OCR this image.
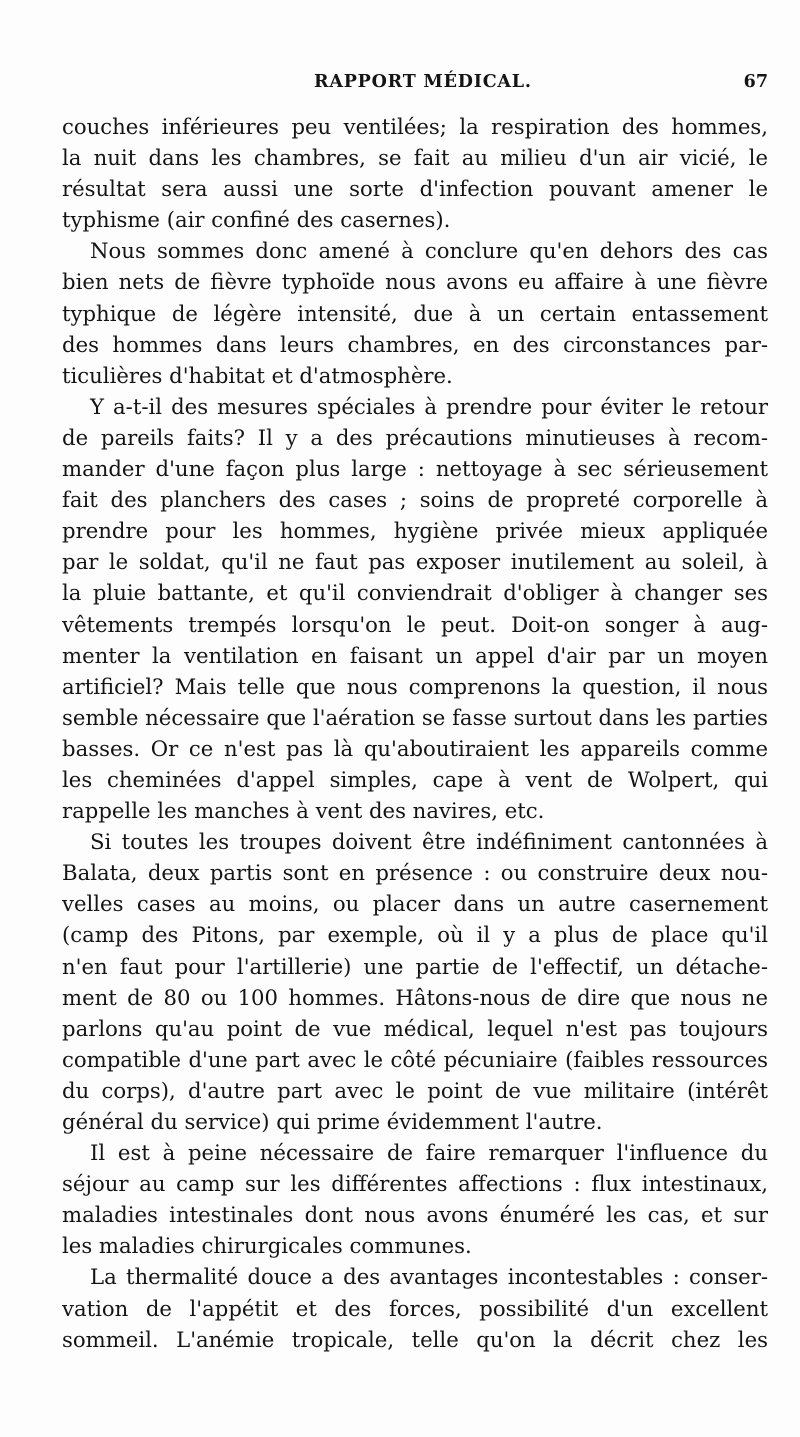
RAPPORT MÉDICAL.	67
couches inférieures peu ventilées; la respiration des hommes,
la nuit dans les chambres, se fait au milieu d'un air vicié, le
résultat sera aussi une sorte d'infection pouvant amener le
typhisme (air confiné des casernes).
Nous sommes donc amené à conclure qu'en dehors des cas
bien nets de fièvre typhoïde nous avons eu affaire à une fièvre
typhique de légère intensité, due à un certain entassement
des hommes dans leurs chambres, en des circonstances par-
ticulières d'habitat et d'atmosphère.
Y a-t-il des mesures spéciales à prendre pour éviter le retour
de pareils faits? Il y a des précautions minutieuses à recom-
mander d'une façon plus large : nettoyage à sec sérieusement
fait des planchers des cases ; soins de propreté corporelle à
prendre pour les hommes, hygiène privée mieux appliquée
par le soldat, qu'il ne faut pas exposer inutilement au soleil, à
la pluie battante, et qu'il conviendrait d'obliger à changer ses
vêtements trempés lorsqu'on le peut. Doit-on songer à aug-
menter la ventilation en faisant un appel d'air par un moyen
artificiel? Mais telle que nous comprenons la question, il nous
semble nécessaire que l'aération se fasse surtout dans les parties
basses. Or ce n'est pas là qu'aboutiraient les appareils comme
les cheminées d'appel simples, cape à vent de Wolpert, qui
rappelle les manches à vent des navires, etc.
Si toutes les troupes doivent être indéfiniment cantonnées à
Balata, deux partis sont en présence : ou construire deux nou-
velles cases au moins, ou placer dans un autre casernement
(camp des Pitons, par exemple, où il y a plus de place qu'il
n'en faut pour l'artillerie) une partie de l'effectif, un détache-
ment de 80 ou 100 hommes. Hâtons-nous de dire que nous ne
parlons qu'au point de vue médical, lequel n'est pas toujours
compatible d'une part avec le côté pécuniaire (faibles ressources
du corps), d'autre part avec le point de vue militaire (intérêt
général du service) qui prime évidemment l'autre.
Il est à peine nécessaire de faire remarquer l'influence du
séjour au camp sur les différentes affections : flux intestinaux,
maladies intestinales dont nous avons énuméré les cas, et sur
les maladies chirurgicales communes.
La thermalité douce a des avantages incontestables : conser-
vation de l'appétit et des forces, possibilité d'un excellent
sommeil. L'anémie tropicale, telle qu'on la décrit chez les
